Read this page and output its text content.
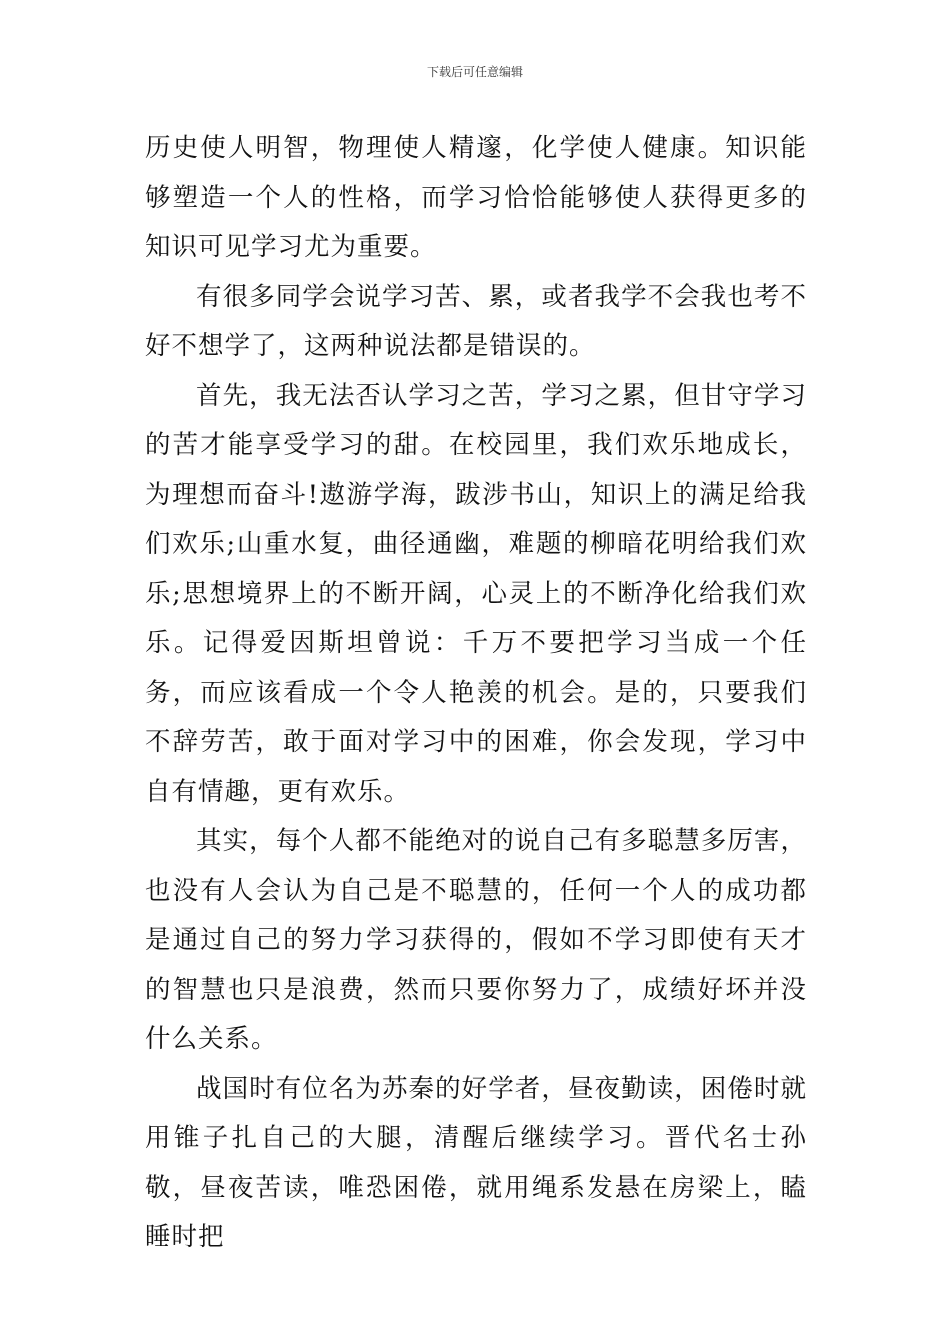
下载后可任意编辑

历史使人明智，物理使人精邃，化学使人健康。知识能够塑造一个人的性格，而学习恰恰能够使人获得更多的知识可见学习尤为重要。

有很多同学会说学习苦、累，或者我学不会我也考不好不想学了，这两种说法都是错误的。

首先，我无法否认学习之苦，学习之累，但甘守学习的苦才能享受学习的甜。在校园里，我们欢乐地成长，为理想而奋斗!遨游学海，跋涉书山，知识上的满足给我们欢乐;山重水复，曲径通幽，难题的柳暗花明给我们欢乐;思想境界上的不断开阔，心灵上的不断净化给我们欢乐。记得爱因斯坦曾说：千万不要把学习当成一个任务，而应该看成一个令人艳羡的机会。是的，只要我们不辞劳苦，敢于面对学习中的困难，你会发现，学习中自有情趣，更有欢乐。

其实，每个人都不能绝对的说自己有多聪慧多厉害，也没有人会认为自己是不聪慧的，任何一个人的成功都是通过自己的努力学习获得的，假如不学习即使有天才的智慧也只是浪费，然而只要你努力了，成绩好坏并没什么关系。

战国时有位名为苏秦的好学者，昼夜勤读，困倦时就用锥子扎自己的大腿，清醒后继续学习。晋代名士孙敬，昼夜苦读，唯恐困倦，就用绳系发悬在房梁上，瞌睡时把
